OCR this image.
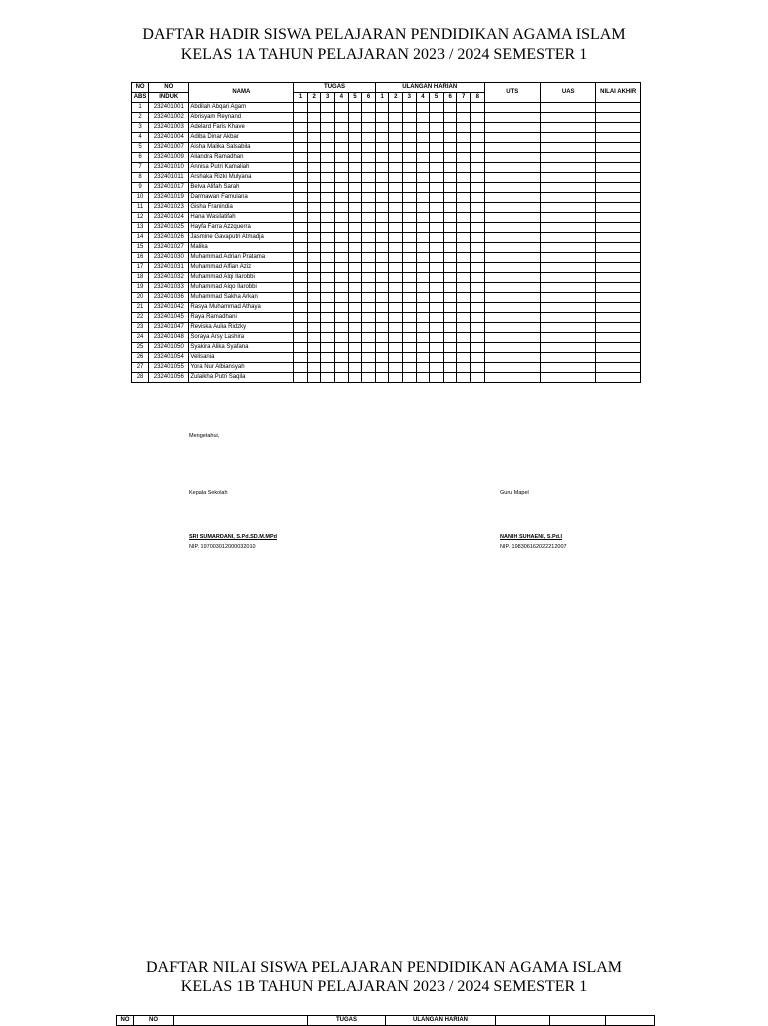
DAFTAR HADIR SISWA PELAJARAN PENDIDIKAN AGAMA ISLAM
KELAS 1A TAHUN PELAJARAN 2023 / 2024 SEMESTER 1
NO	NO	NAMA	TUGAS						ULANGAN HARIAN								UTS	UAS	NILAI AKHIR
ABS	INDUK		1	2	3	4	5	6	1	2	3	4	5	6	7	8			
1	232401001	Abdilah Abqari Agam																	
2	232401002	Abrisyam Reynand																	
3	232401003	Adelard Faris Khave																	
4	232401004	Adiba Dinar Akbar																	
5	232401007	Aisha Malika Salsabila																	
6	232401009	Aliandra Ramadhan																	
7	232401010	Annisa Putri Kamaliah																	
8	232401011	Arshaka Rizki Mulyana																	
9	232401017	Belva Alifah Sarah																	
10	232401019	Darmawan Famulana																	
11	232401023	Gisha Franindia																	
12	232401024	Hana Wasilatifah																	
13	232401025	Hayfa Farra Azzquerra																	
14	232401026	Jasmine Gavaputri Atmadja																	
15	232401027	Malika																	
16	232401030	Muhammad Adrian Pratama																	
17	232401031	Muhammad Alfian Aziz																	
18	232401032	Muhammad Alqi Ilarobbi																	
19	232401033	Muhammad Alqo Ilarobbi																	
20	232401036	Muhammad Sakha Arkan																	
21	232401042	Rasya Muhammad Athaya																	
22	232401045	Raya Ramadhani																	
23	232401047	Reviska Aulia Ridzky																	
24	232401048	Soraya Arsy Lashira																	
25	232401050	Syakira Alika Syafana																	
26	232401054	Velisania																	
27	232401055	Yora Nur Albiansyah																	
28	232401056	Zulaikha Putri Saqila																	
Mengetahui,
Kepala Sekolah
SRI SUMARDANI, S.Pd.SD.M.MPd
NIP. 197003012000032010
Guru Mapel
NANIH SUHAENI, S.Pd.I
NIP. 198306162022212007
DAFTAR NILAI SISWA PELAJARAN PENDIDIKAN AGAMA ISLAM
KELAS 1B TAHUN PELAJARAN 2023 / 2024 SEMESTER 1
NO	NO		TUGAS	ULANGAN HARIAN			
